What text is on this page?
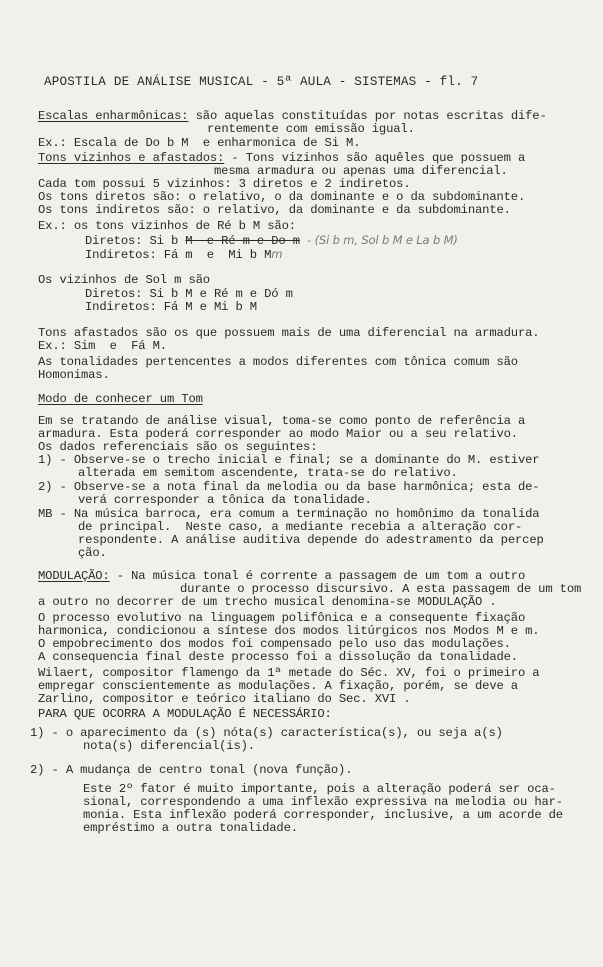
APOSTILA DE ANÁLISE MUSICAL - 5ª AULA - SISTEMAS - fl. 7
Escalas enharmônicas: são aquelas constituídas por notas escritas dife-
rentemente com emissão igual.
Ex.: Escala de Do b M  e enharmonica de Si M.
Tons vizinhos e afastados: - Tons vizinhos são aquêles que possuem a
mesma armadura ou apenas uma diferencial.
Cada tom possui 5 vizinhos: 3 diretos e 2 indiretos.
Os tons diretos são: o relativo, o da dominante e o da subdominante.
Os tons indiretos são: o relativo, da dominante e da subdominante.
Ex.: os tons vizinhos de Ré b M são:
Diretos: Si b M  e Ré m e Do m - (Si b m, Sol b M e La b M)
Indiretos: Fá m  e  Mi b Mm
Os vizinhos de Sol m são
Diretos: Si b M e Ré m e Dó m
Indiretos: Fá M e Mi b M
Tons afastados são os que possuem mais de uma diferencial na armadura.
Ex.: Sim  e  Fá M.
As tonalidades pertencentes a modos diferentes com tônica comum são
Homonimas.
Modo de conhecer um Tom
Em se tratando de análise visual, toma-se como ponto de referência a
armadura. Esta poderá corresponder ao modo Maior ou a seu relativo.
Os dados referenciais são os seguintes:
1) - Observe-se o trecho inicial e final; se a dominante do M. estiver
alterada em semitom ascendente, trata-se do relativo.
2) - Observe-se a nota final da melodia ou da base harmônica; esta de-
verá corresponder a tônica da tonalidade.
MB - Na música barroca, era comum a terminação no homônimo da tonalida
de principal.  Neste caso, a mediante recebia a alteração cor-
respondente. A análise auditiva depende do adestramento da percep
ção.
MODULAÇÃO: - Na música tonal é corrente a passagem de um tom a outro
durante o processo discursivo. A esta passagem de um tom
a outro no decorrer de um trecho musical denomina-se MODULAÇÃO .
O processo evolutivo na linguagem polifônica e a consequente fixação
harmonica, condicionou a síntese dos modos litúrgicos nos Modos M e m.
O empobrecimento dos modos foi compensado pelo uso das modulações.
A consequencia final deste processo foi a dissolução da tonalidade.
Wilaert, compositor flamengo da 1ª metade do Séc. XV, foi o primeiro a
empregar conscientemente as modulações. A fixação, porém, se deve a
Zarlino, compositor e teórico italiano do Sec. XVI .
PARA QUE OCORRA A MODULAÇÃO É NECESSÁRIO:
1) - o aparecimento da (s) nóta(s) característica(s), ou seja a(s)
nota(s) diferencial(is).
2) - A mudança de centro tonal (nova função).
Este 2º fator é muito importante, pois a alteração poderá ser oca-
sional, correspondendo a uma inflexão expressiva na melodia ou har-
monia. Esta inflexão poderá corresponder, inclusive, a um acorde de
empréstimo a outra tonalidade.
